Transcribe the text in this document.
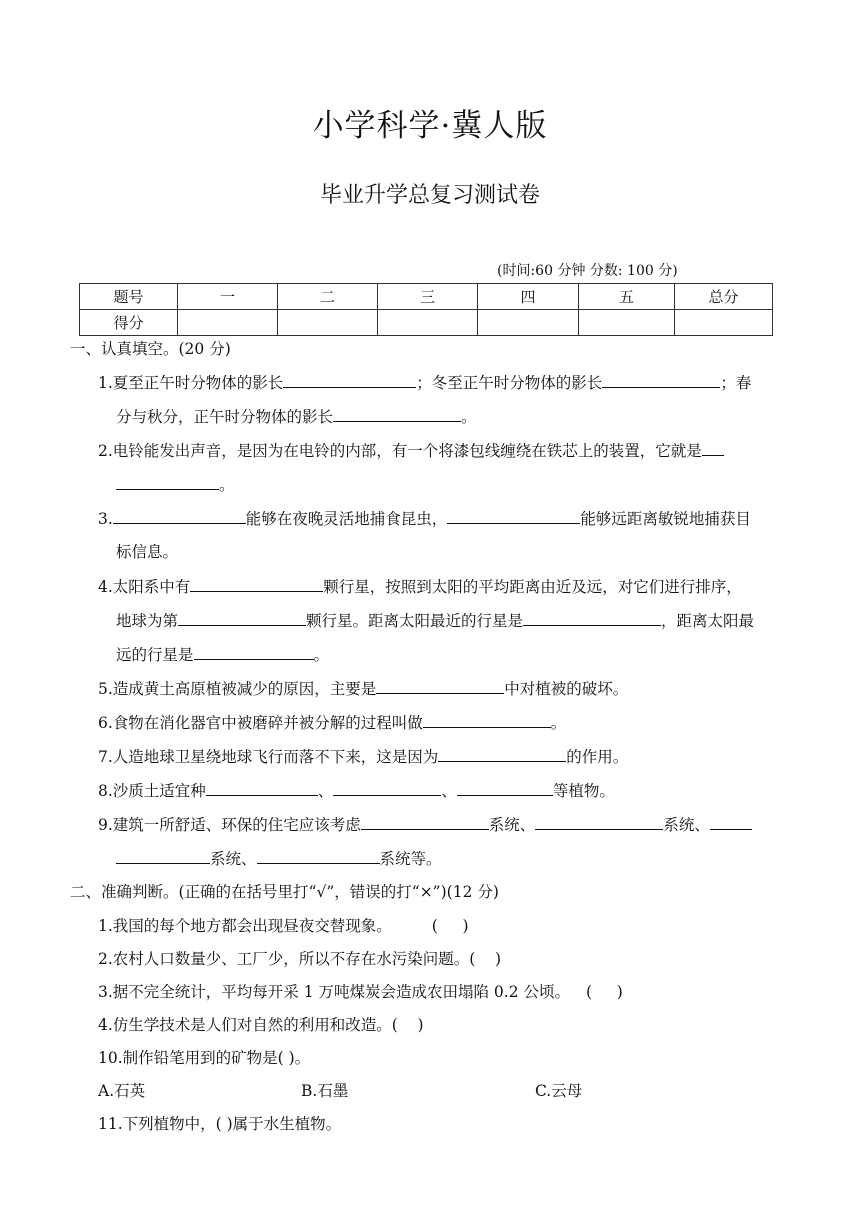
小学科学·冀人版
毕业升学总复习测试卷
(时间:60 分钟 分数: 100 分)
题号	一	二	三	四	五	总分
得分						
一、认真填空。(20 分)
1.夏至正午时分物体的影长	；冬至正午时分物体的影长	；春
分与秋分，正午时分物体的影长	。
2.电铃能发出声音，是因为在电铃的内部，有一个将漆包线缠绕在铁芯上的装置，它就是
。
3.	能够在夜晚灵活地捕食昆虫，	能够远距离敏锐地捕获目
标信息。
4.太阳系中有	颗行星，按照到太阳的平均距离由近及远，对它们进行排序，
地球为第	颗行星。距离太阳最近的行星是	，距离太阳最
远的行星是	。
5.造成黄土高原植被减少的原因，主要是	中对植被的破坏。
6.食物在消化器官中被磨碎并被分解的过程叫做	。
7.人造地球卫星绕地球飞行而落不下来，这是因为	的作用。
8.沙质土适宜种	、	、	等植物。
9.建筑一所舒适、环保的住宅应该考虑	系统、	系统、
系统、	系统等。
二、准确判断。(正确的在括号里打“√”，错误的打“×”)(12 分)
1.我国的每个地方都会出现昼夜交替现象。	(     )
2.农村人口数量少、工厂少，所以不存在水污染问题。(    )
3.据不完全统计，平均每开采 1 万吨煤炭会造成农田塌陷 0.2 公顷。 (     )
4.仿生学技术是人们对自然的利用和改造。(    )
10.制作铅笔用到的矿物是( )。
A.石英	B.石墨	C.云母
11.下列植物中，( )属于水生植物。
